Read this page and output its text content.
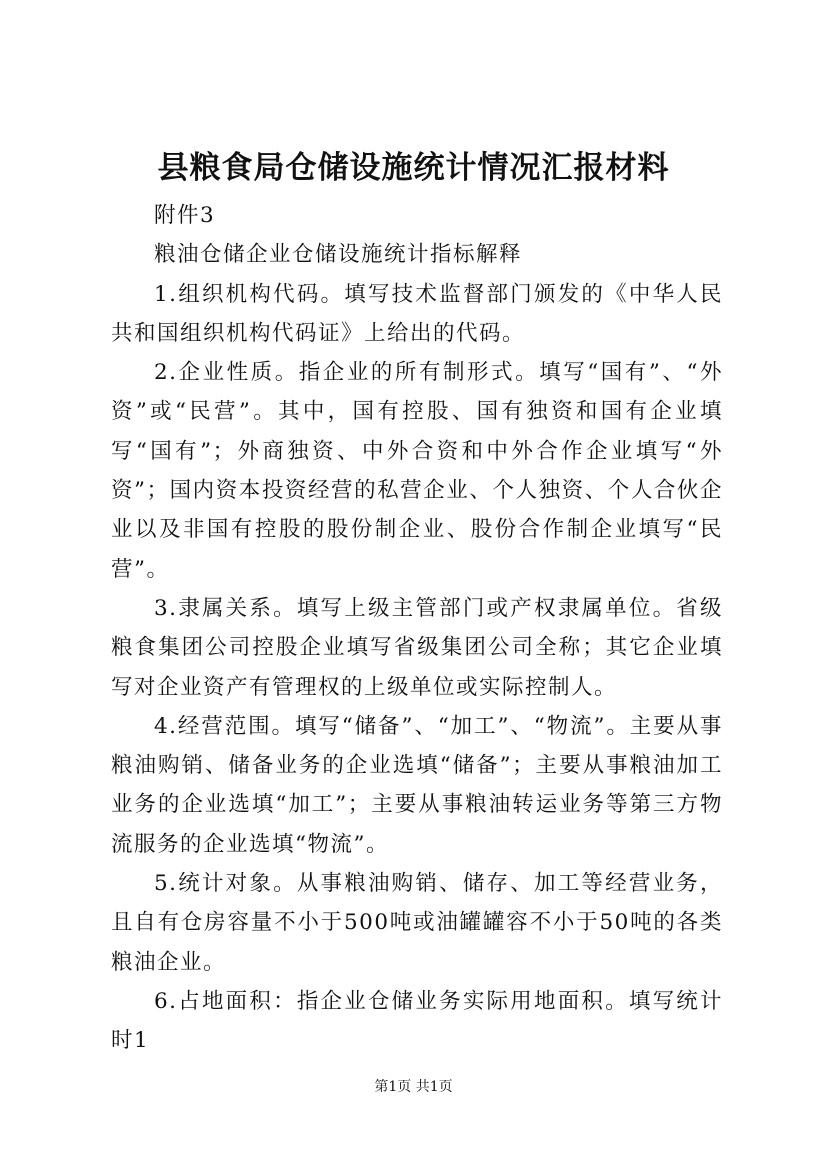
县粮食局仓储设施统计情况汇报材料

附件3

粮油仓储企业仓储设施统计指标解释

1.组织机构代码。填写技术监督部门颁发的《中华人民共和国组织机构代码证》上给出的代码。

2.企业性质。指企业的所有制形式。填写“国有”、“外资”或“民营”。其中，国有控股、国有独资和国有企业填写“国有”；外商独资、中外合资和中外合作企业填写“外资”；国内资本投资经营的私营企业、个人独资、个人合伙企业以及非国有控股的股份制企业、股份合作制企业填写“民营”。

3.隶属关系。填写上级主管部门或产权隶属单位。省级粮食集团公司控股企业填写省级集团公司全称；其它企业填写对企业资产有管理权的上级单位或实际控制人。

4.经营范围。填写“储备”、“加工”、“物流”。主要从事粮油购销、储备业务的企业选填“储备”；主要从事粮油加工业务的企业选填“加工”；主要从事粮油转运业务等第三方物流服务的企业选填“物流”。

5.统计对象。从事粮油购销、储存、加工等经营业务，且自有仓房容量不小于500吨或油罐罐容不小于50吨的各类粮油企业。

6.占地面积：指企业仓储业务实际用地面积。填写统计时1

第1页 共1页
